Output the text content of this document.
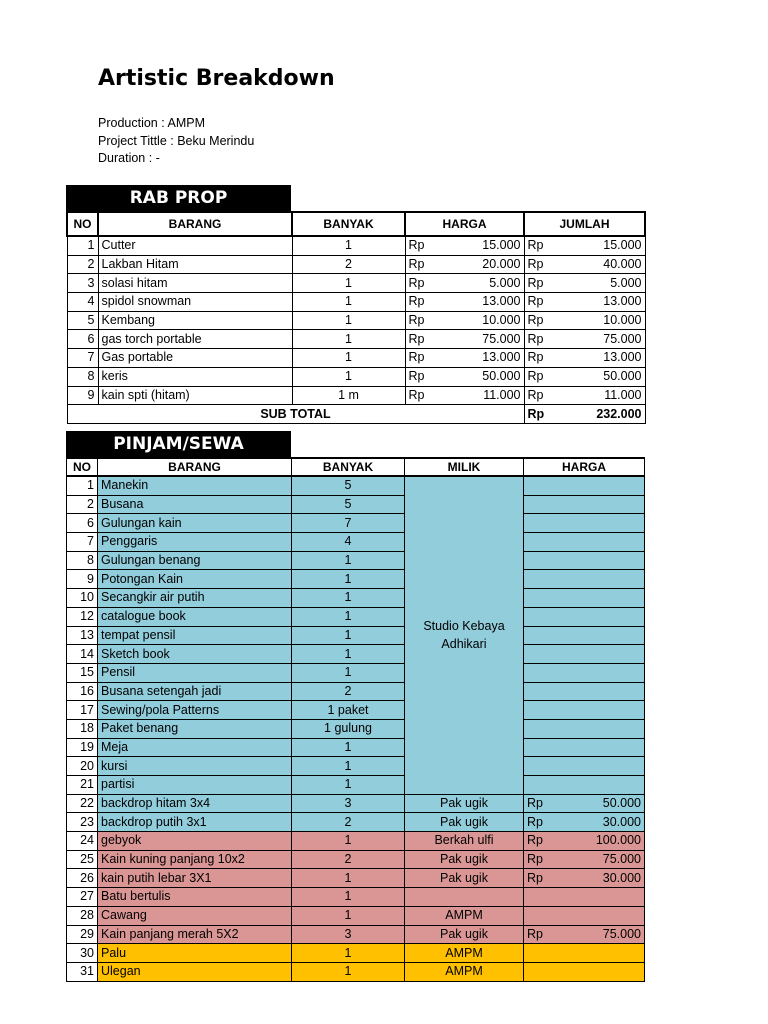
Artistic Breakdown
Production : AMPM
Project Tittle : Beku Merindu
Duration : -
RAB PROP
NO	BARANG	BANYAK	HARGA	JUMLAH
1	Cutter	1	Rp 15.000	Rp 15.000

2	Lakban Hitam	2	Rp 20.000	Rp 40.000

3	solasi hitam	1	Rp 5.000	Rp 5.000

4	spidol snowman	1	Rp 13.000	Rp 13.000

5	Kembang	1	Rp 10.000	Rp 10.000

6	gas torch portable	1	Rp 75.000	Rp 75.000

7	Gas portable	1	Rp 13.000	Rp 13.000

8	keris	1	Rp 50.000	Rp 50.000

9	kain spti (hitam)	1 m	Rp 11.000	Rp 11.000

SUB TOTAL				Rp 232.000
PINJAM/SEWA
NO	BARANG	BANYAK	MILIK	HARGA
1	Manekin	5	Studio Kebaya Adhikari	
2	Busana	5		
6	Gulungan kain	7		
7	Penggaris	4		
8	Gulungan benang	1		
9	Potongan Kain	1		
10	Secangkir air putih	1		
12	catalogue book	1		
13	tempat pensil	1		
14	Sketch book	1		
15	Pensil	1		
16	Busana setengah jadi	2		
17	Sewing/pola Patterns	1 paket		
18	Paket benang	1 gulung		
19	Meja	1		
20	kursi	1		
21	partisi	1		
22	backdrop hitam 3x4	3	Pak ugik	Rp 50.000

23	backdrop putih 3x1	2	Pak ugik	Rp 30.000

24	gebyok	1	Berkah ulfi	Rp 100.000

25	Kain kuning panjang 10x2	2	Pak ugik	Rp 75.000

26	kain putih lebar 3X1	1	Pak ugik	Rp 30.000

27	Batu bertulis	1		
28	Cawang	1	AMPM	
29	Kain panjang merah 5X2	3	Pak ugik	Rp 75.000

30	Palu	1	AMPM	
31	Ulegan	1	AMPM	
